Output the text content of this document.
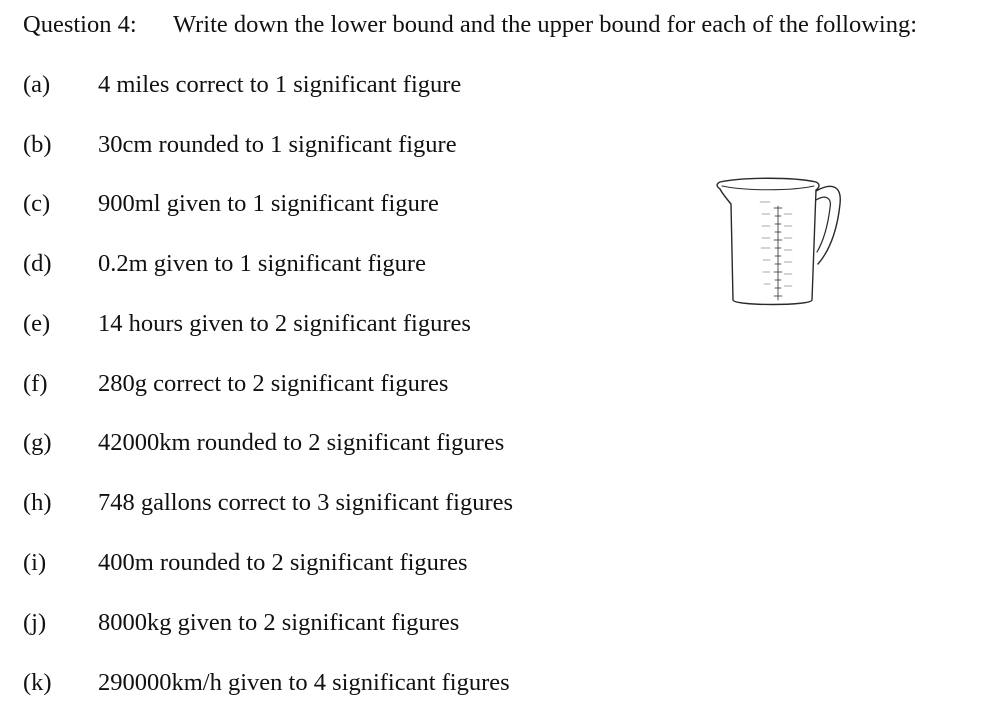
Question 4: Write down the lower bound and the upper bound for each of the following:
(a) 4 miles correct to 1 significant figure
(b) 30cm rounded to 1 significant figure
(c) 900ml given to 1 significant figure
(d) 0.2m given to 1 significant figure
(e) 14 hours given to 2 significant figures
(f) 280g correct to 2 significant figures
(g) 42000km rounded to 2 significant figures
(h) 748 gallons correct to 3 significant figures
(i) 400m rounded to 2 significant figures
(j) 8000kg given to 2 significant figures
(k) 290000km/h given to 4 significant figures
